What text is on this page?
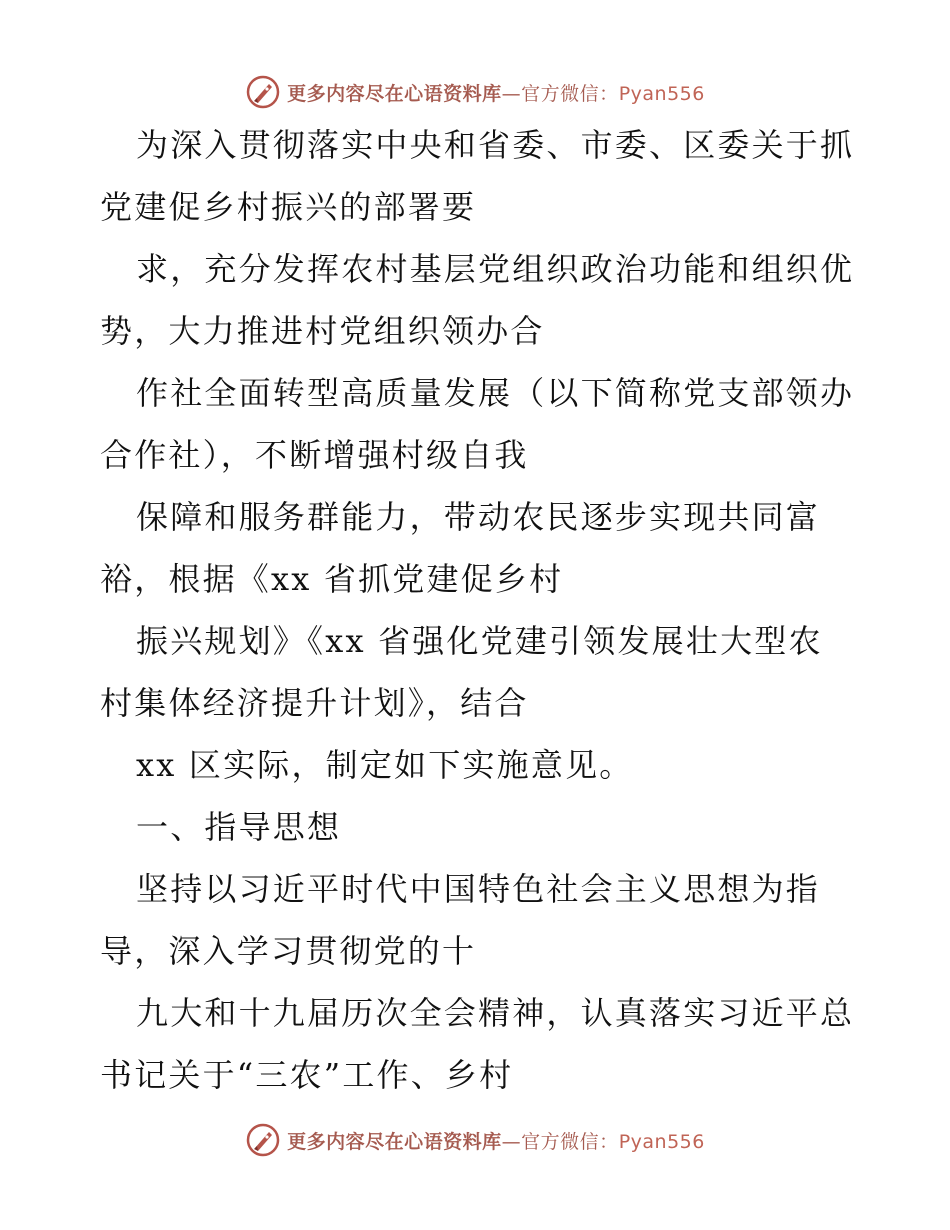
更多内容尽在心语资料库—官方微信：Pyan556
为深入贯彻落实中央和省委、市委、区委关于抓
党建促乡村振兴的部署要
求，充分发挥农村基层党组织政治功能和组织优
势，大力推进村党组织领办合
作社全面转型高质量发展（以下简称党支部领办
合作社），不断增强村级自我
保障和服务群能力，带动农民逐步实现共同富
裕，根据《xx 省抓党建促乡村
振兴规划》《xx 省强化党建引领发展壮大型农
村集体经济提升计划》，结合
xx 区实际，制定如下实施意见。
一、指导思想
坚持以习近平时代中国特色社会主义思想为指
导，深入学习贯彻党的十
九大和十九届历次全会精神，认真落实习近平总
书记关于“三农”工作、乡村
更多内容尽在心语资料库—官方微信：Pyan556
